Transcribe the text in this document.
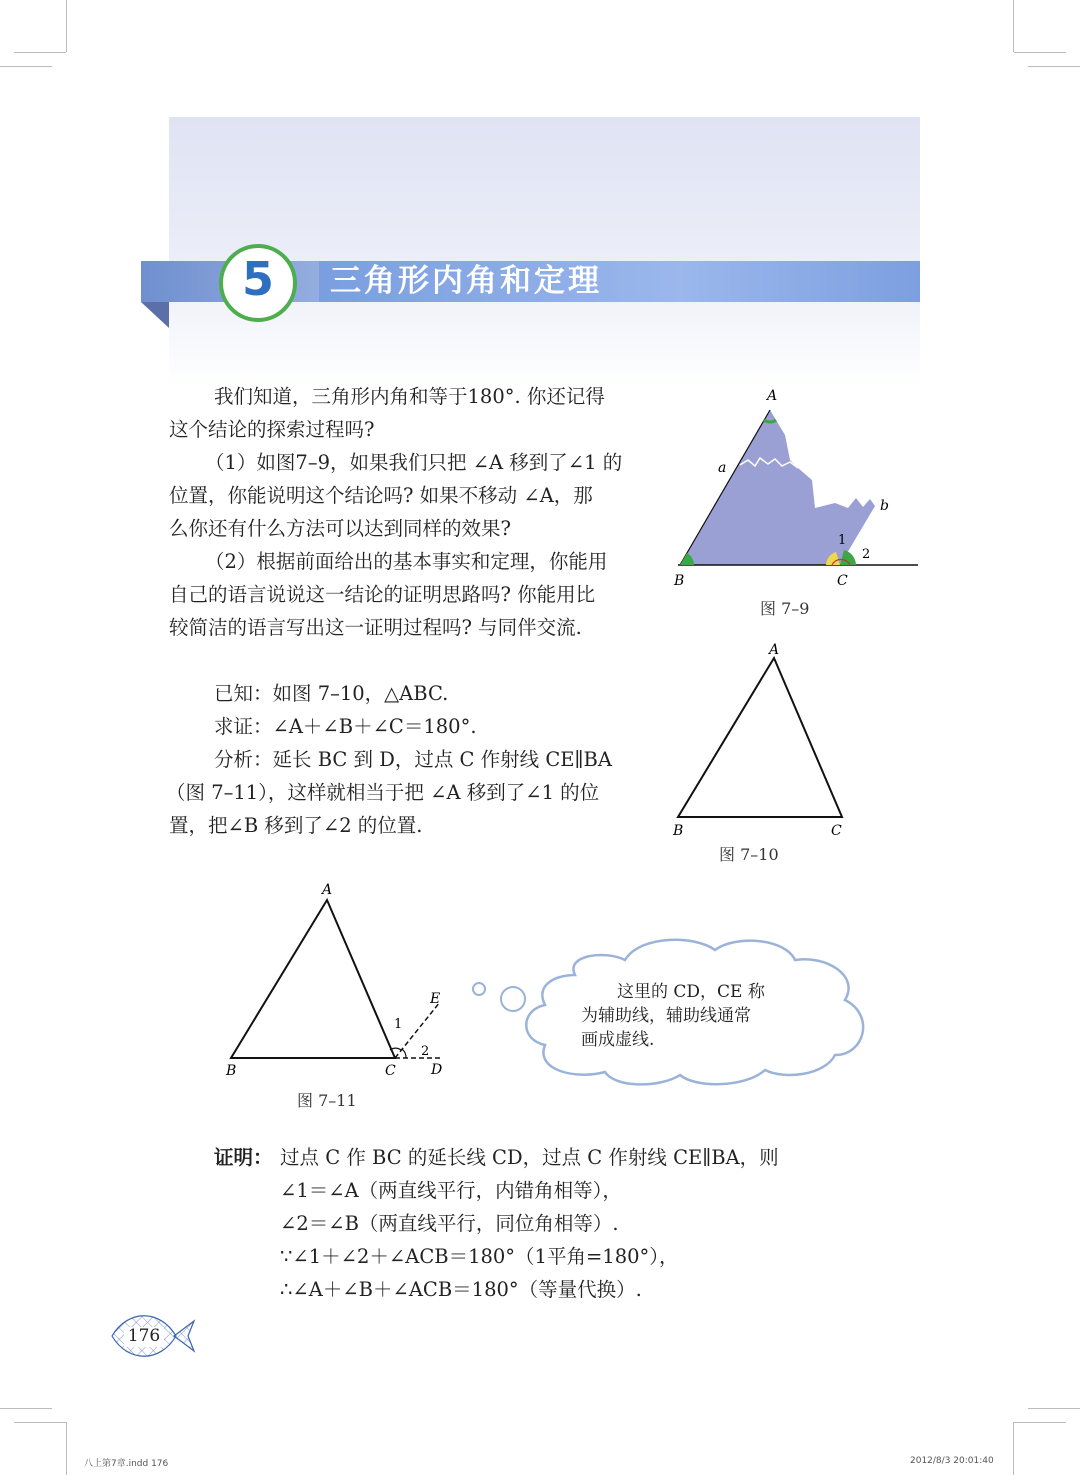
三角形内角和定理
5
我们知道，三角形内角和等于180°. 你还记得
这个结论的探索过程吗?
（1）如图7–9，如果我们只把 ∠A 移到了∠1 的
位置，你能说明这个结论吗? 如果不移动 ∠A，那
么你还有什么方法可以达到同样的效果?
（2）根据前面给出的基本事实和定理，你能用
自己的语言说说这一结论的证明思路吗? 你能用比
较简洁的语言写出这一证明过程吗? 与同伴交流.
已知：如图 7–10，△ABC.
求证：∠A＋∠B＋∠C＝180°.
分析：延长 BC 到 D，过点 C 作射线 CE∥BA
（图 7–11），这样就相当于把 ∠A 移到了∠1 的位
置，把∠B 移到了∠2 的位置.
A
B	C
a
b
1
2
图 7–9
A
B	C
图 7–10
A
B	C	D
E
1
2
图 7–11
这里的 CD，CE 称
为辅助线，辅助线通常
画成虚线.
证明： 过点 C 作 BC 的延长线 CD，过点 C 作射线 CE∥BA，则
∠1＝∠A（两直线平行，内错角相等），
∠2＝∠B（两直线平行，同位角相等）.
∵∠1＋∠2＋∠ACB＝180°（1平角=180°），
∴∠A＋∠B＋∠ACB＝180°（等量代换）.
176
八上第7章.indd 176	2012/8/3 20:01:40
